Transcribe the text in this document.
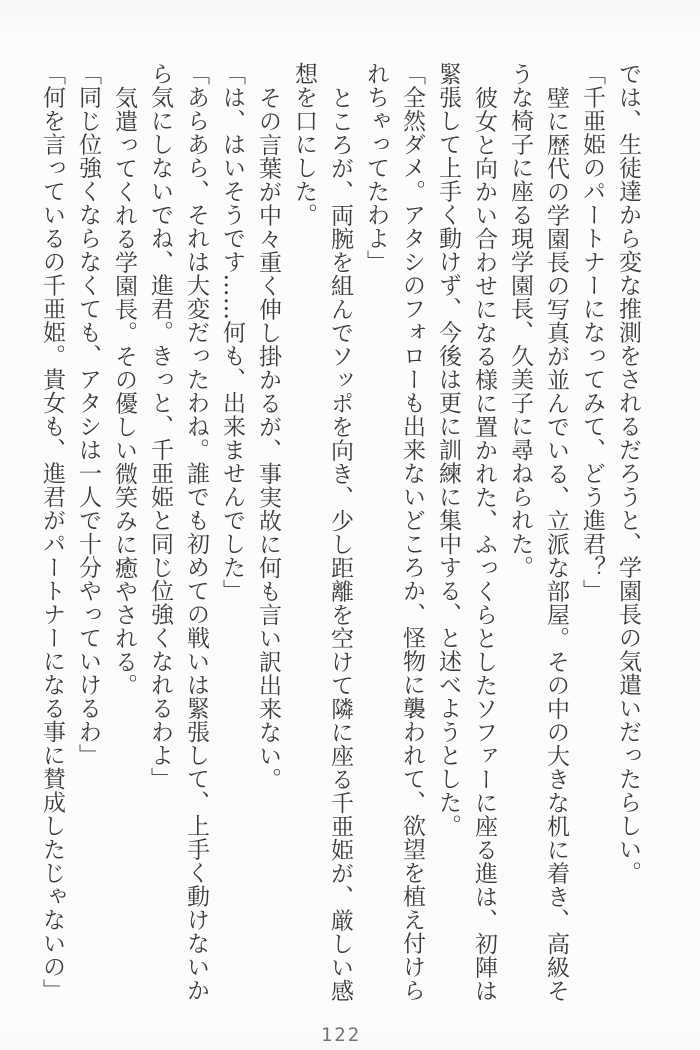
では、生徒達から変な推測をされるだろうと、学園長の気遣いだったらしい。
「千亜姫のパートナーになってみて、どう進君？」
壁に歴代の学園長の写真が並んでいる、立派な部屋。その中の大きな机に着き、高級そ
うな椅子に座る現学園長、久美子に尋ねられた。
彼女と向かい合わせになる様に置かれた、ふっくらとしたソファーに座る進は、初陣は
緊張して上手く動けず、今後は更に訓練に集中する、と述べようとした。
「全然ダメ。アタシのフォローも出来ないどころか、怪物に襲われて、欲望を植え付けら
れちゃってたわよ」
ところが、両腕を組んでソッポを向き、少し距離を空けて隣に座る千亜姫が、厳しい感
想を口にした。
その言葉が中々重く伸し掛かるが、事実故に何も言い訳出来ない。
「は、はいそうです……何も、出来ませんでした」
「あらあら、それは大変だったわね。誰でも初めての戦いは緊張して、上手く動けないか
ら気にしないでね、進君。きっと、千亜姫と同じ位強くなれるわよ」
気遣ってくれる学園長。その優しい微笑みに癒やされる。
「同じ位強くならなくても、アタシは一人で十分やっていけるわ」
「何を言っているの千亜姫。貴女も、進君がパートナーになる事に賛成したじゃないの」
122
